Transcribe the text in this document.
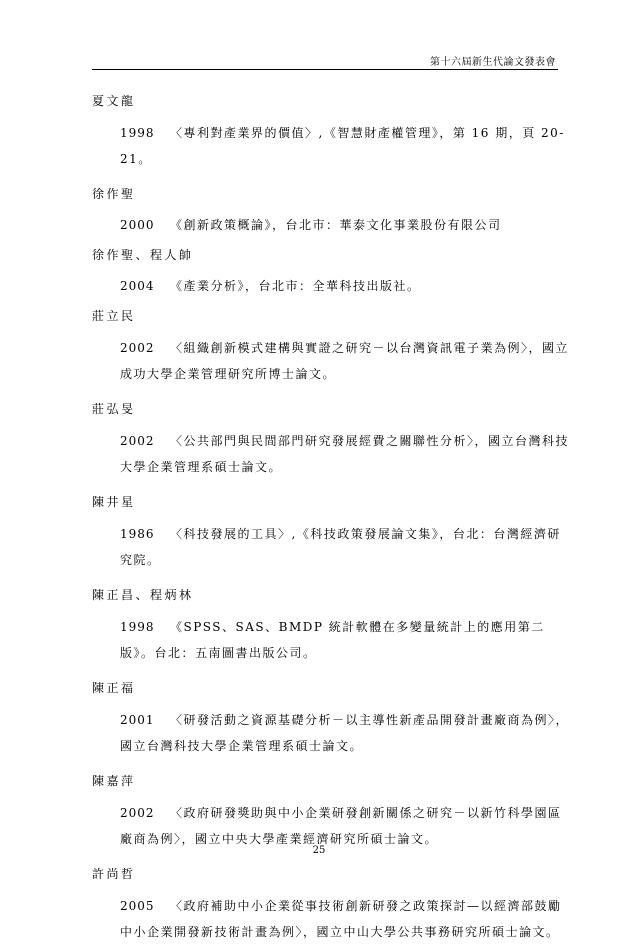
第十六屆新生代論文發表會
夏文龍
1998 〈專利對產業界的價值〉,《智慧財產權管理》，第 16 期，頁 20-21。
徐作聖
2000 《創新政策概論》，台北市：華泰文化事業股份有限公司
徐作聖、程人帥
2004 《產業分析》，台北市：全華科技出版社。
莊立民
2002 〈組織創新模式建構與實證之研究－以台灣資訊電子業為例〉，國立成功大學企業管理研究所博士論文。
莊弘旻
2002 〈公共部門與民間部門研究發展經費之關聯性分析〉，國立台灣科技大學企業管理系碩士論文。
陳井星
1986 〈科技發展的工具〉,《科技政策發展論文集》，台北：台灣經濟研究院。
陳正昌、程炳林
1998 《SPSS、SAS、BMDP 統計軟體在多變量統計上的應用第二版》。台北：五南圖書出版公司。
陳正福
2001 〈研發活動之資源基礎分析－以主導性新產品開發計畫廠商為例〉，國立台灣科技大學企業管理系碩士論文。
陳嘉萍
2002 〈政府研發獎助與中小企業研發創新關係之研究－以新竹科學園區廠商為例〉，國立中央大學產業經濟研究所碩士論文。
許尚哲
2005 〈政府補助中小企業從事技術創新研發之政策探討—以經濟部鼓勵中小企業開發新技術計畫為例〉，國立中山大學公共事務研究所碩士論文。
25
